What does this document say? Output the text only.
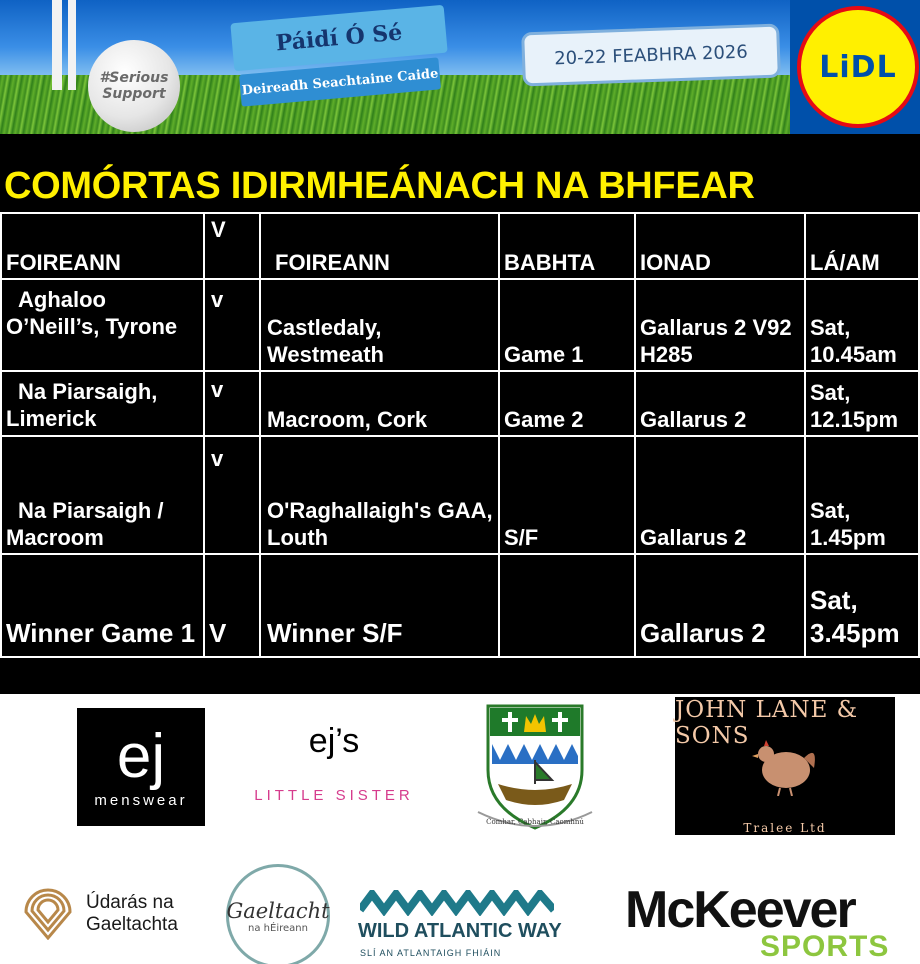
#Serious Support
Páidí Ó Sé
Deireadh Seachtaine Caide
20-22 FEABHRA 2026 LiDL
COMÓRTAS IDIRMHEÁNACH NA BHFEAR
FOIREANN	V	FOIREANN	BABHTA	IONAD	LÁ/AM

Aghaloo O’Neill’s, Tyrone	v	Castledaly, Westmeath	Game 1	Gallarus 2 V92 H285	Sat, 10.45am

Na Piarsaigh, Limerick	v	Macroom, Cork	Game 2	Gallarus 2	Sat, 12.15pm

Na Piarsaigh / Macroom	v	O'Raghallaigh's GAA, Louth	S/F	Gallarus 2	Sat, 1.45pm
Winner Game 1	V	Winner S/F		Gallarus 2	Sat, 3.45pm
ej
menswear
ej’s
LITTLE SISTER
Comhar, Cabhair, Caomhnú
JOHN LANE & SONS
Tralee Ltd
Údarás na
Gaeltachta
Gaeltacht
na hÉireann	WILD ATLANTIC WAY
SLÍ AN ATLANTAIGH FHIÁIN
McKeever
SPORTS
